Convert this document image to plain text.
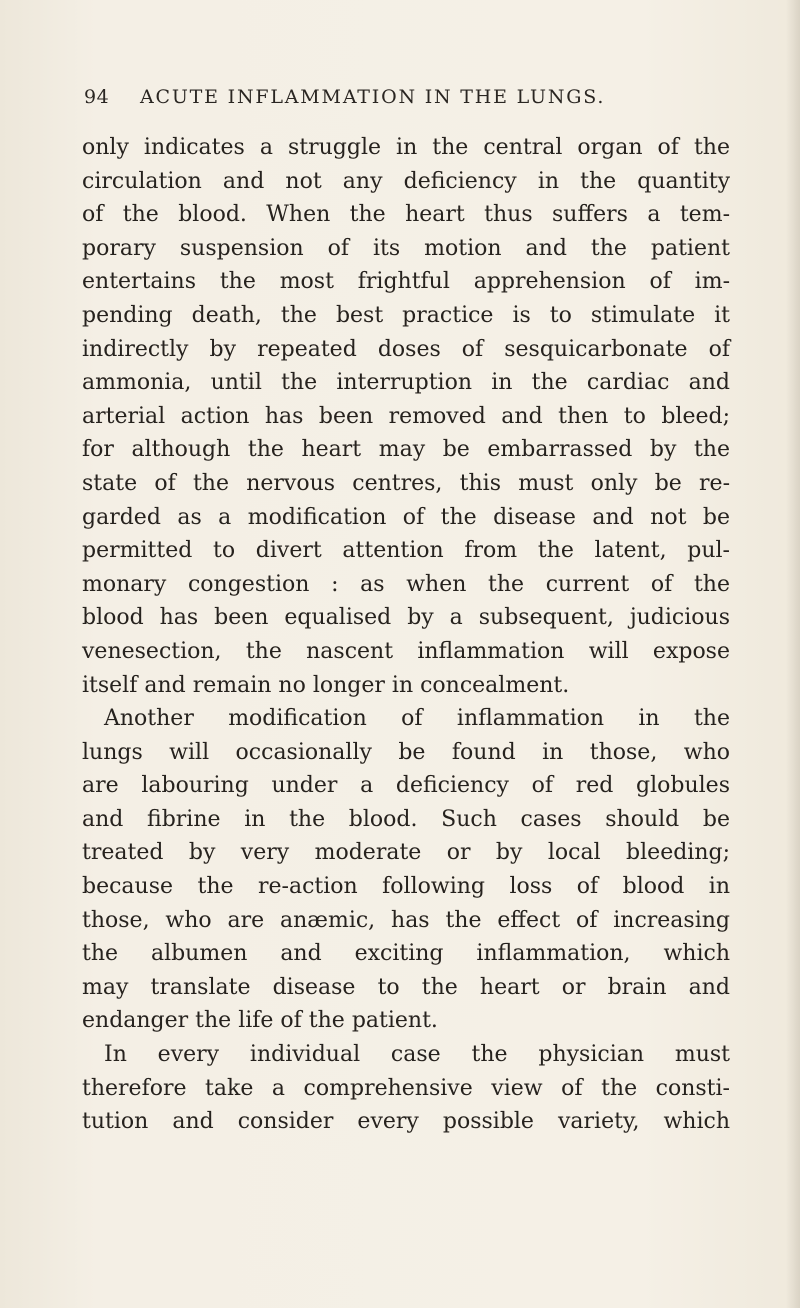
94 ACUTE INFLAMMATION IN THE LUNGS.
only indicates a struggle in the central organ of the
circulation and not any deficiency in the quantity
of the blood. When the heart thus suffers a tem-
porary suspension of its motion and the patient
entertains the most frightful apprehension of im-
pending death, the best practice is to stimulate it
indirectly by repeated doses of sesquicarbonate of
ammonia, until the interruption in the cardiac and
arterial action has been removed and then to bleed;
for although the heart may be embarrassed by the
state of the nervous centres, this must only be re-
garded as a modification of the disease and not be
permitted to divert attention from the latent, pul-
monary congestion : as when the current of the
blood has been equalised by a subsequent, judicious
venesection, the nascent inflammation will expose
itself and remain no longer in concealment.
Another modification of inflammation in the
lungs will occasionally be found in those, who
are labouring under a deficiency of red globules
and fibrine in the blood. Such cases should be
treated by very moderate or by local bleeding;
because the re-action following loss of blood in
those, who are anæmic, has the effect of increasing
the albumen and exciting inflammation, which
may translate disease to the heart or brain and
endanger the life of the patient.
In every individual case the physician must
therefore take a comprehensive view of the consti-
tution and consider every possible variety, which
